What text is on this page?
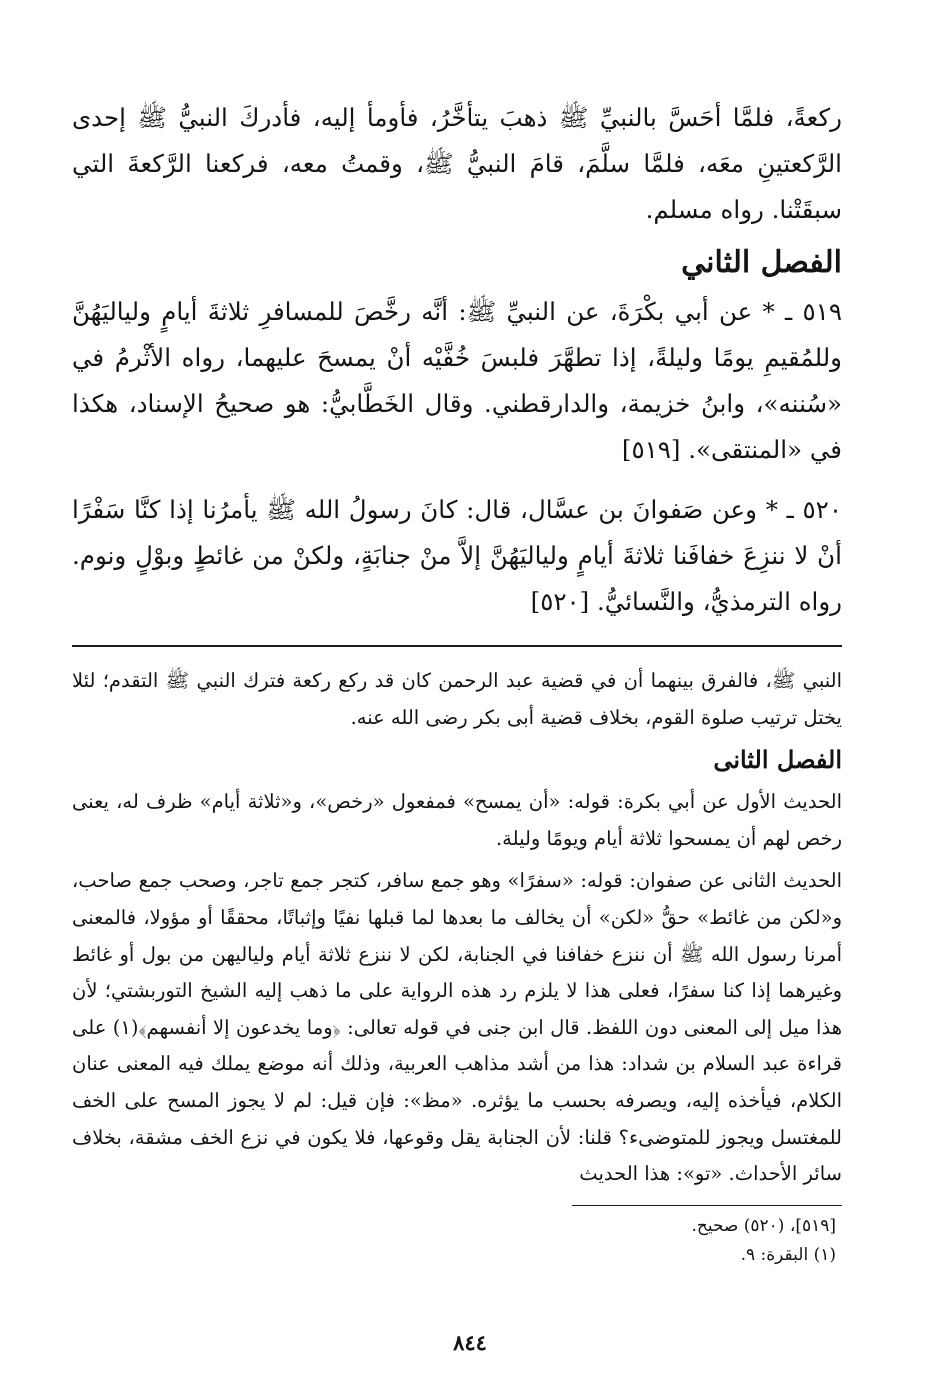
ركعةً، فلمَّا أحَسَّ بالنبيِّ ﷺ ذهبَ يتأخَّرُ، فأومأ إليه، فأدركَ النبيُّ ﷺ إحدى الرَّكعتينِ معَه، فلمَّا سلَّمَ، قامَ النبيُّ ﷺ، وقمتُ معه، فركعنا الرَّكعةَ التي سبقَتْنا. رواه مسلم.

الفصل الثاني

٥١٩ ـ * عن أبي بكْرَةَ، عن النبيِّ ﷺ: أنَّه رخَّصَ للمسافرِ ثلاثةَ أيامٍ ولياليَهُنَّ وللمُقيمِ يومًا وليلةً، إذا تطهَّرَ فلبسَ خُفَّيْه أنْ يمسحَ عليهما، رواه الأثْرمُ في «سُننه»، وابنُ خزيمة، والدارقطني. وقال الخَطَّابيُّ: هو صحيحُ الإسناد، هكذا في «المنتقى». [٥١٩]

٥٢٠ ـ * وعن صَفوانَ بن عسَّال، قال: كانَ رسولُ الله ﷺ يأمرُنا إذا كنَّا سَفْرًا أنْ لا ننزِعَ خفافَنا ثلاثةَ أيامٍ ولياليَهُنَّ إلاَّ منْ جنابَةٍ، ولكنْ من غائطٍ وبوْلٍ ونوم. رواه الترمذيُّ، والنَّسائيُّ. [٥٢٠]

النبي ﷺ، فالفرق بينهما أن في قضية عبد الرحمن كان قد ركع ركعة فترك النبي ﷺ التقدم؛ لئلا يختل ترتيب صلوة القوم، بخلاف قضية أبى بكر رضى الله عنه.

الفصل الثانى

الحديث الأول عن أبي بكرة: قوله: «أن يمسح» فمفعول «رخص»، و«ثلاثة أيام» ظرف له، يعنى رخص لهم أن يمسحوا ثلاثة أيام ويومًا وليلة.

الحديث الثانى عن صفوان: قوله: «سفرًا» وهو جمع سافر، كتجر جمع تاجر، وصحب جمع صاحب، و«لكن من غائط» حقُّ «لكن» أن يخالف ما بعدها لما قبلها نفيًا وإثباتًا، محققًا أو مؤولا، فالمعنى أمرنا رسول الله ﷺ أن ننزع خفافنا في الجنابة، لكن لا ننزع ثلاثة أيام ولياليهن من بول أو غائط وغيرهما إذا كنا سفرًا، فعلى هذا لا يلزم رد هذه الرواية على ما ذهب إليه الشيخ التوربشتي؛ لأن هذا ميل إلى المعنى دون اللفظ. قال ابن جنى في قوله تعالى: ﴿وما يخدعون إلا أنفسهم﴾(١) على قراءة عبد السلام بن شداد: هذا من أشد مذاهب العربية، وذلك أنه موضع يملك فيه المعنى عنان الكلام، فيأخذه إليه، ويصرفه بحسب ما يؤثره. «مظ»: فإن قيل: لم لا يجوز المسح على الخف للمغتسل ويجوز للمتوضىء؟ قلنا: لأن الجنابة يقل وقوعها، فلا يكون في نزع الخف مشقة، بخلاف سائر الأحداث. «تو»: هذا الحديث

[٥١٩]، (٥٢٠) صحيح.

(١) البقرة: ٩.

٨٤٤
